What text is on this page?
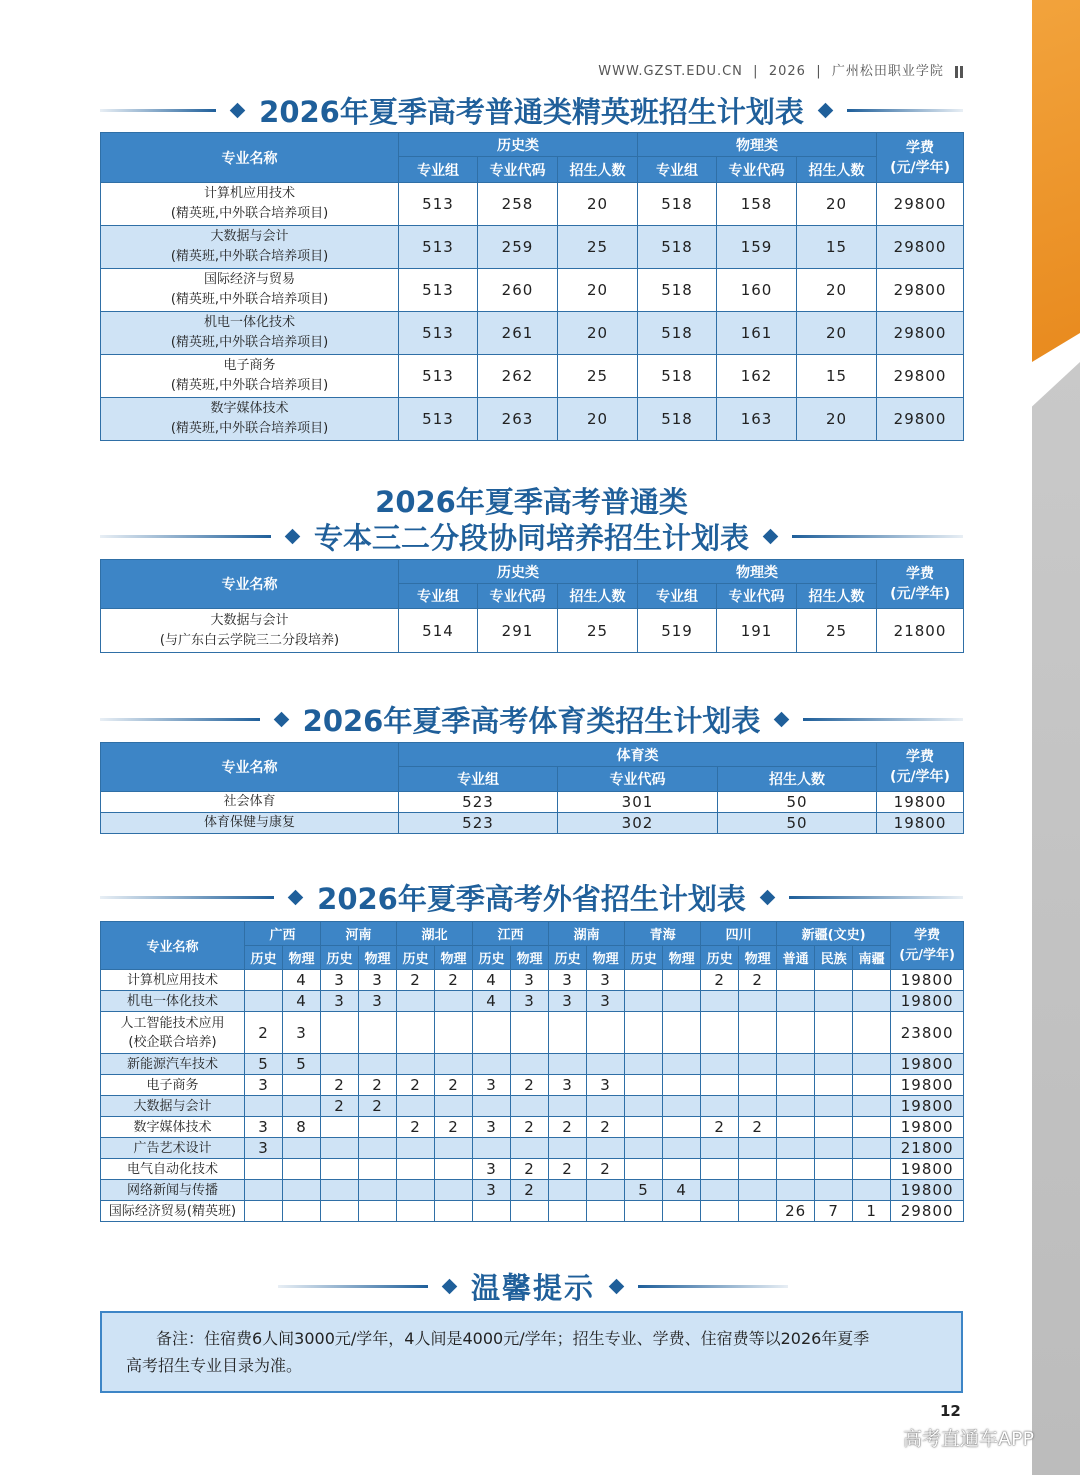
WWW.GZST.EDU.CN  |  2026  |  广州松田职业学院
2026年夏季高考普通类精英班招生计划表
专业名称	历史类			物理类			学费
(元/学年)
	专业组	专业代码	招生人数	专业组	专业代码	招生人数	
计算机应用技术
(精英班,中外联合培养项目)	513	258	20	518	158	20	29800
大数据与会计
(精英班,中外联合培养项目)	513	259	25	518	159	15	29800
国际经济与贸易
(精英班,中外联合培养项目)	513	260	20	518	160	20	29800
机电一体化技术
(精英班,中外联合培养项目)	513	261	20	518	161	20	29800
电子商务
(精英班,中外联合培养项目)	513	262	25	518	162	15	29800
数字媒体技术
(精英班,中外联合培养项目)	513	263	20	518	163	20	29800
2026年夏季高考普通类
专本三二分段协同培养招生计划表
专业名称	历史类			物理类			学费
(元/学年)
	专业组	专业代码	招生人数	专业组	专业代码	招生人数	
大数据与会计
(与广东白云学院三二分段培养)	514	291	25	519	191	25	21800
2026年夏季高考体育类招生计划表
专业名称	体育类			学费
(元/学年)
	专业组	专业代码	招生人数	
社会体育	523	301	50	19800
体育保健与康复	523	302	50	19800
2026年夏季高考外省招生计划表
专业名称	广西		河南		湖北		江西		湖南		青海		四川		新疆(文史)			学费
(元/学年)
	历史	物理	历史	物理	历史	物理	历史	物理	历史	物理	历史	物理	历史	物理	普通	民族	南疆	
计算机应用技术		4	3	3	2	2	4	3	3	3			2	2				19800
机电一体化技术		4	3	3			4	3	3	3								19800
人工智能技术应用
(校企联合培养)	2	3																23800
新能源汽车技术	5	5																19800
电子商务	3		2	2	2	2	3	2	3	3								19800
大数据与会计			2	2														19800
数字媒体技术	3	8			2	2	3	2	2	2			2	2				19800
广告艺术设计	3																	21800
电气自动化技术							3	2	2	2								19800
网络新闻与传播							3	2			5	4						19800
国际经济贸易(精英班)															26	7	1	29800
温馨提示
备注：住宿费6人间3000元/学年，4人间是4000元/学年；招生专业、学费、住宿费等以2026年夏季
高考招生专业目录为准。
12
高考直通车APP
